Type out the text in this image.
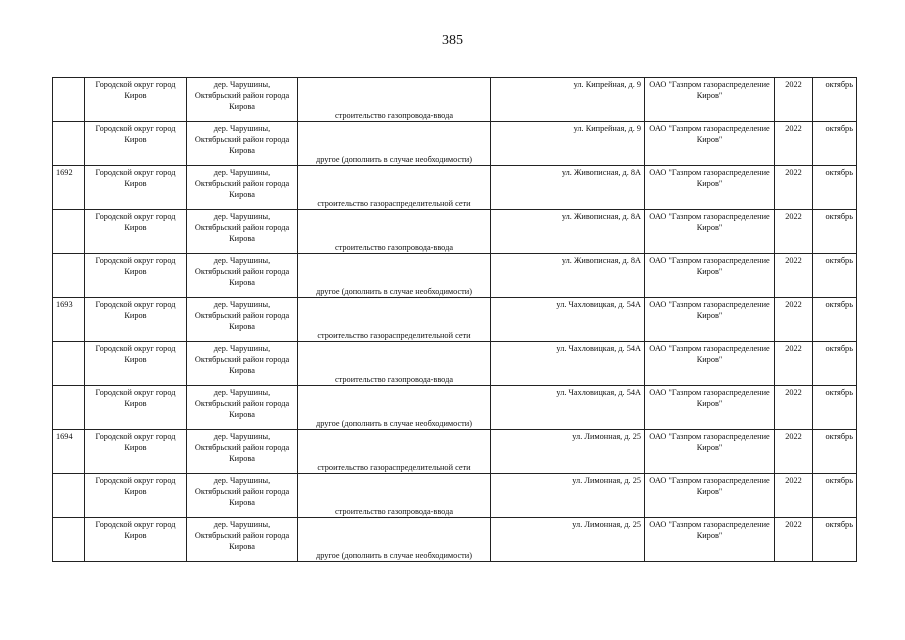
385
	Городской округ город Киров	дер. Чарушины, Октябрьский район города Кирова	строительство газопровода-ввода	ул. Кипрейная, д. 9	ОАО "Газпром газораспределение Киров"	2022	октябрь
	Городской округ город Киров	дер. Чарушины, Октябрьский район города Кирова	другое (дополнить в случае необходимости)	ул. Кипрейная, д. 9	ОАО "Газпром газораспределение Киров"	2022	октябрь
1692	Городской округ город Киров	дер. Чарушины, Октябрьский район города Кирова	строительство газораспределительной сети	ул. Живописная, д. 8А	ОАО "Газпром газораспределение Киров"	2022	октябрь
	Городской округ город Киров	дер. Чарушины, Октябрьский район города Кирова	строительство газопровода-ввода	ул. Живописная, д. 8А	ОАО "Газпром газораспределение Киров"	2022	октябрь
	Городской округ город Киров	дер. Чарушины, Октябрьский район города Кирова	другое (дополнить в случае необходимости)	ул. Живописная, д. 8А	ОАО "Газпром газораспределение Киров"	2022	октябрь
1693	Городской округ город Киров	дер. Чарушины, Октябрьский район города Кирова	строительство газораспределительной сети	ул. Чахловицкая, д. 54А	ОАО "Газпром газораспределение Киров"	2022	октябрь
	Городской округ город Киров	дер. Чарушины, Октябрьский район города Кирова	строительство газопровода-ввода	ул. Чахловицкая, д. 54А	ОАО "Газпром газораспределение Киров"	2022	октябрь
	Городской округ город Киров	дер. Чарушины, Октябрьский район города Кирова	другое (дополнить в случае необходимости)	ул. Чахловицкая, д. 54А	ОАО "Газпром газораспределение Киров"	2022	октябрь
1694	Городской округ город Киров	дер. Чарушины, Октябрьский район города Кирова	строительство газораспределительной сети	ул. Лимонная, д. 25	ОАО "Газпром газораспределение Киров"	2022	октябрь
	Городской округ город Киров	дер. Чарушины, Октябрьский район города Кирова	строительство газопровода-ввода	ул. Лимонная, д. 25	ОАО "Газпром газораспределение Киров"	2022	октябрь
	Городской округ город Киров	дер. Чарушины, Октябрьский район города Кирова	другое (дополнить в случае необходимости)	ул. Лимонная, д. 25	ОАО "Газпром газораспределение Киров"	2022	октябрь
